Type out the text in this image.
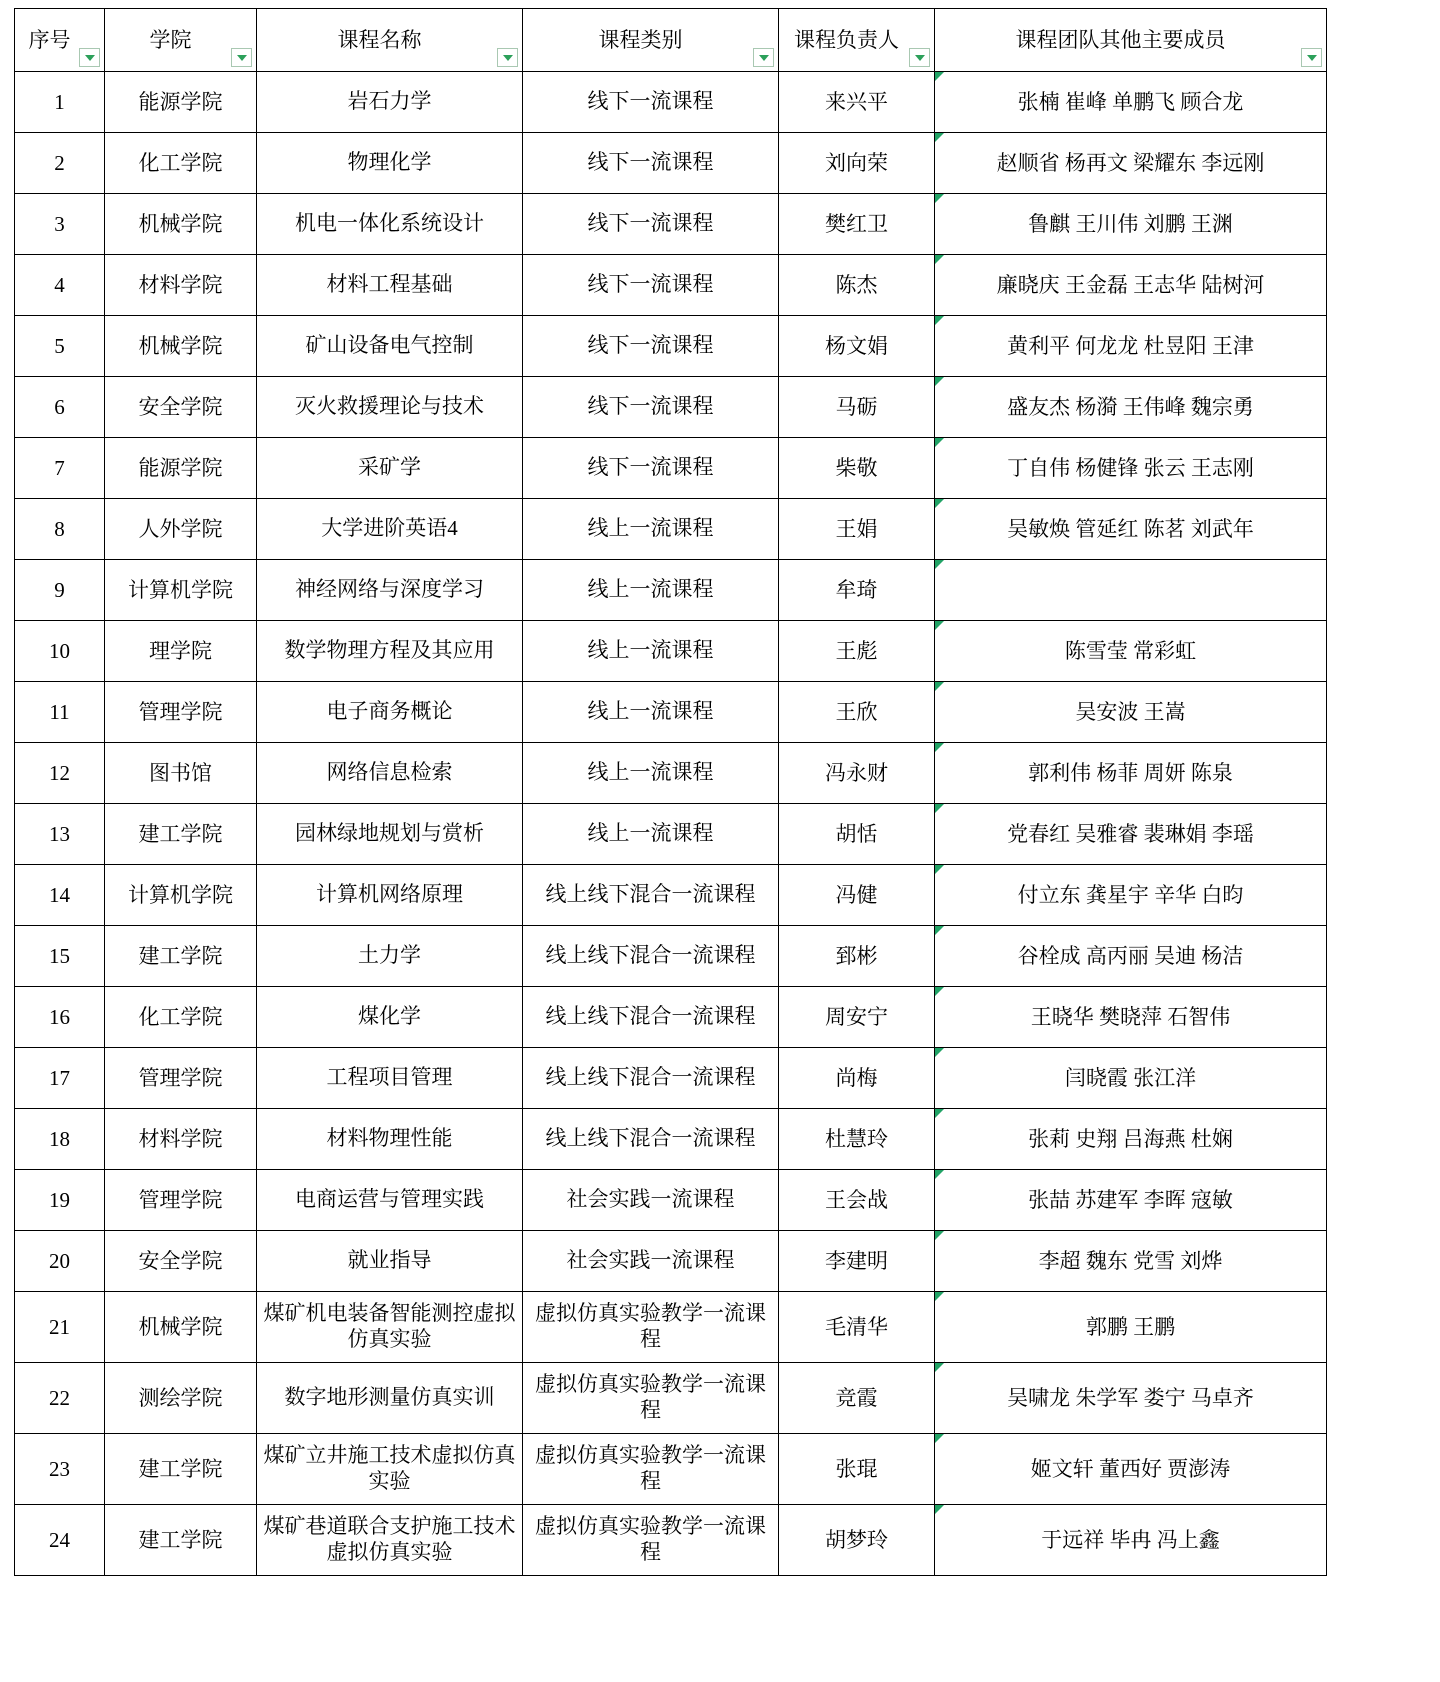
序号	学院	课程名称	课程类别	课程负责人	课程团队其他主要成员

1	能源学院	岩石力学	线下一流课程	来兴平	张楠 崔峰 单鹏飞 顾合龙

2	化工学院	物理化学	线下一流课程	刘向荣	赵顺省 杨再文 梁耀东 李远刚

3	机械学院	机电一体化系统设计	线下一流课程	樊红卫	鲁麒 王川伟 刘鹏 王渊

4	材料学院	材料工程基础	线下一流课程	陈杰	廉晓庆 王金磊 王志华 陆树河

5	机械学院	矿山设备电气控制	线下一流课程	杨文娟	黄利平 何龙龙 杜昱阳 王津

6	安全学院	灭火救援理论与技术	线下一流课程	马砺	盛友杰 杨漪 王伟峰 魏宗勇

7	能源学院	采矿学	线下一流课程	柴敬	丁自伟 杨健锋 张云 王志刚

8	人外学院	大学进阶英语4	线上一流课程	王娟	吴敏焕 管延红 陈茗 刘武年

9	计算机学院	神经网络与深度学习	线上一流课程	牟琦	

10	理学院	数学物理方程及其应用	线上一流课程	王彪	陈雪莹 常彩虹

11	管理学院	电子商务概论	线上一流课程	王欣	吴安波 王嵩

12	图书馆	网络信息检索	线上一流课程	冯永财	郭利伟 杨菲 周妍 陈泉

13	建工学院	园林绿地规划与赏析	线上一流课程	胡恬	党春红 吴雅睿 裴琳娟 李瑶

14	计算机学院	计算机网络原理	线上线下混合一流课程	冯健	付立东 龚星宇 辛华 白昀

15	建工学院	土力学	线上线下混合一流课程	郅彬	谷栓成 高丙丽 吴迪 杨洁

16	化工学院	煤化学	线上线下混合一流课程	周安宁	王晓华 樊晓萍 石智伟

17	管理学院	工程项目管理	线上线下混合一流课程	尚梅	闫晓霞 张江洋

18	材料学院	材料物理性能	线上线下混合一流课程	杜慧玲	张莉 史翔 吕海燕 杜娴

19	管理学院	电商运营与管理实践	社会实践一流课程	王会战	张喆 苏建军 李晖 寇敏

20	安全学院	就业指导	社会实践一流课程	李建明	李超 魏东 党雪 刘烨

21	机械学院	煤矿机电装备智能测控虚拟仿真实验	虚拟仿真实验教学一流课程	毛清华	郭鹏 王鹏

22	测绘学院	数字地形测量仿真实训	虚拟仿真实验教学一流课程	竞霞	吴啸龙 朱学军 娄宁 马卓齐

23	建工学院	煤矿立井施工技术虚拟仿真实验	虚拟仿真实验教学一流课程	张琨	姬文轩 董西好 贾澎涛

24	建工学院	煤矿巷道联合支护施工技术虚拟仿真实验	虚拟仿真实验教学一流课程	胡梦玲	于远祥 毕冉 冯上鑫
